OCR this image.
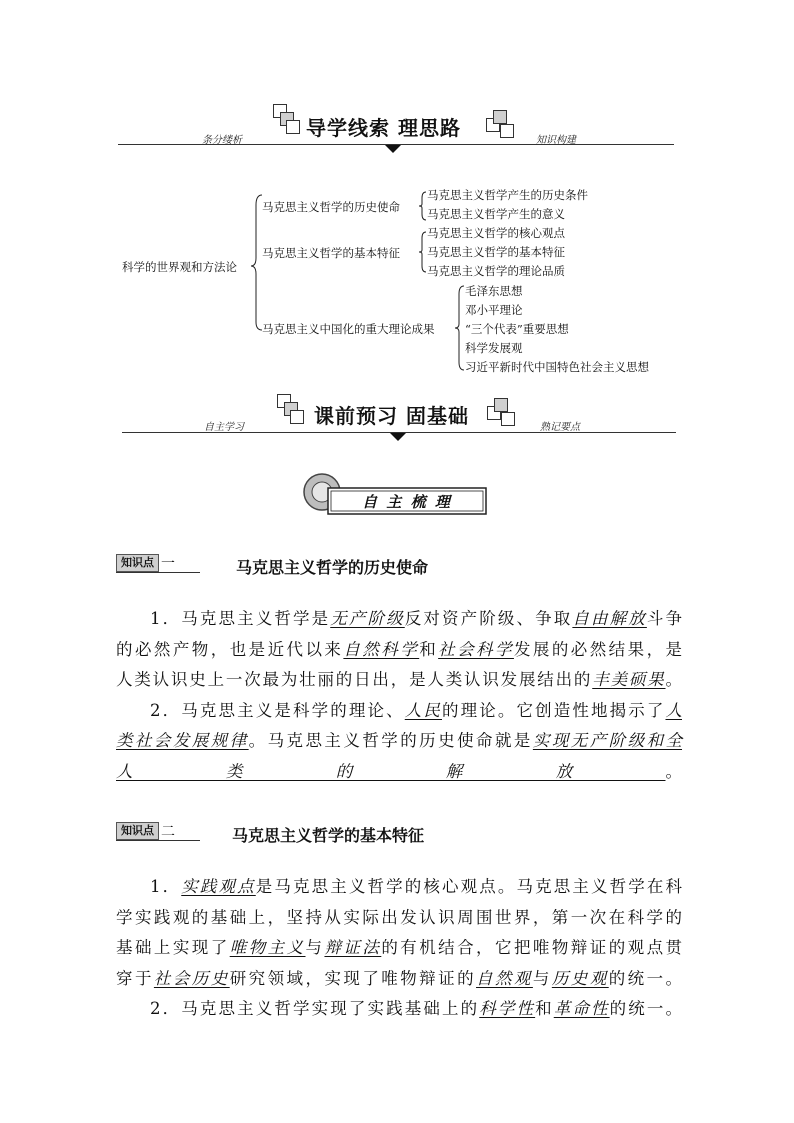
导学线索 理思路
条分缕析	知识构建
科学的世界观和方法论
马克思主义哲学的历史使命
马克思主义哲学产生的历史条件
马克思主义哲学产生的意义
马克思主义哲学的基本特征
马克思主义哲学的核心观点
马克思主义哲学的基本特征
马克思主义哲学的理论品质
马克思主义中国化的重大理论成果
毛泽东思想
邓小平理论
“三个代表”重要思想
科学发展观
习近平新时代中国特色社会主义思想
课前预习 固基础
自主学习	熟记要点
自 主 梳 理
知识点 一	马克思主义哲学的历史使命
1．马克思主义哲学是无产阶级反对资产阶级、争取自由解放斗争
的必然产物，也是近代以来自然科学和社会科学发展的必然结果，是
人类认识史上一次最为壮丽的日出，是人类认识发展结出的丰美硕果。
2．马克思主义是科学的理论、人民的理论。它创造性地揭示了人
类社会发展规律。马克思主义哲学的历史使命就是实现无产阶级和全
人类的解放。
知识点 二	马克思主义哲学的基本特征
1．实践观点是马克思主义哲学的核心观点。马克思主义哲学在科
学实践观的基础上，坚持从实际出发认识周围世界，第一次在科学的
基础上实现了唯物主义与辩证法的有机结合，它把唯物辩证的观点贯
穿于社会历史研究领域，实现了唯物辩证的自然观与历史观的统一。
2．马克思主义哲学实现了实践基础上的科学性和革命性的统一。
